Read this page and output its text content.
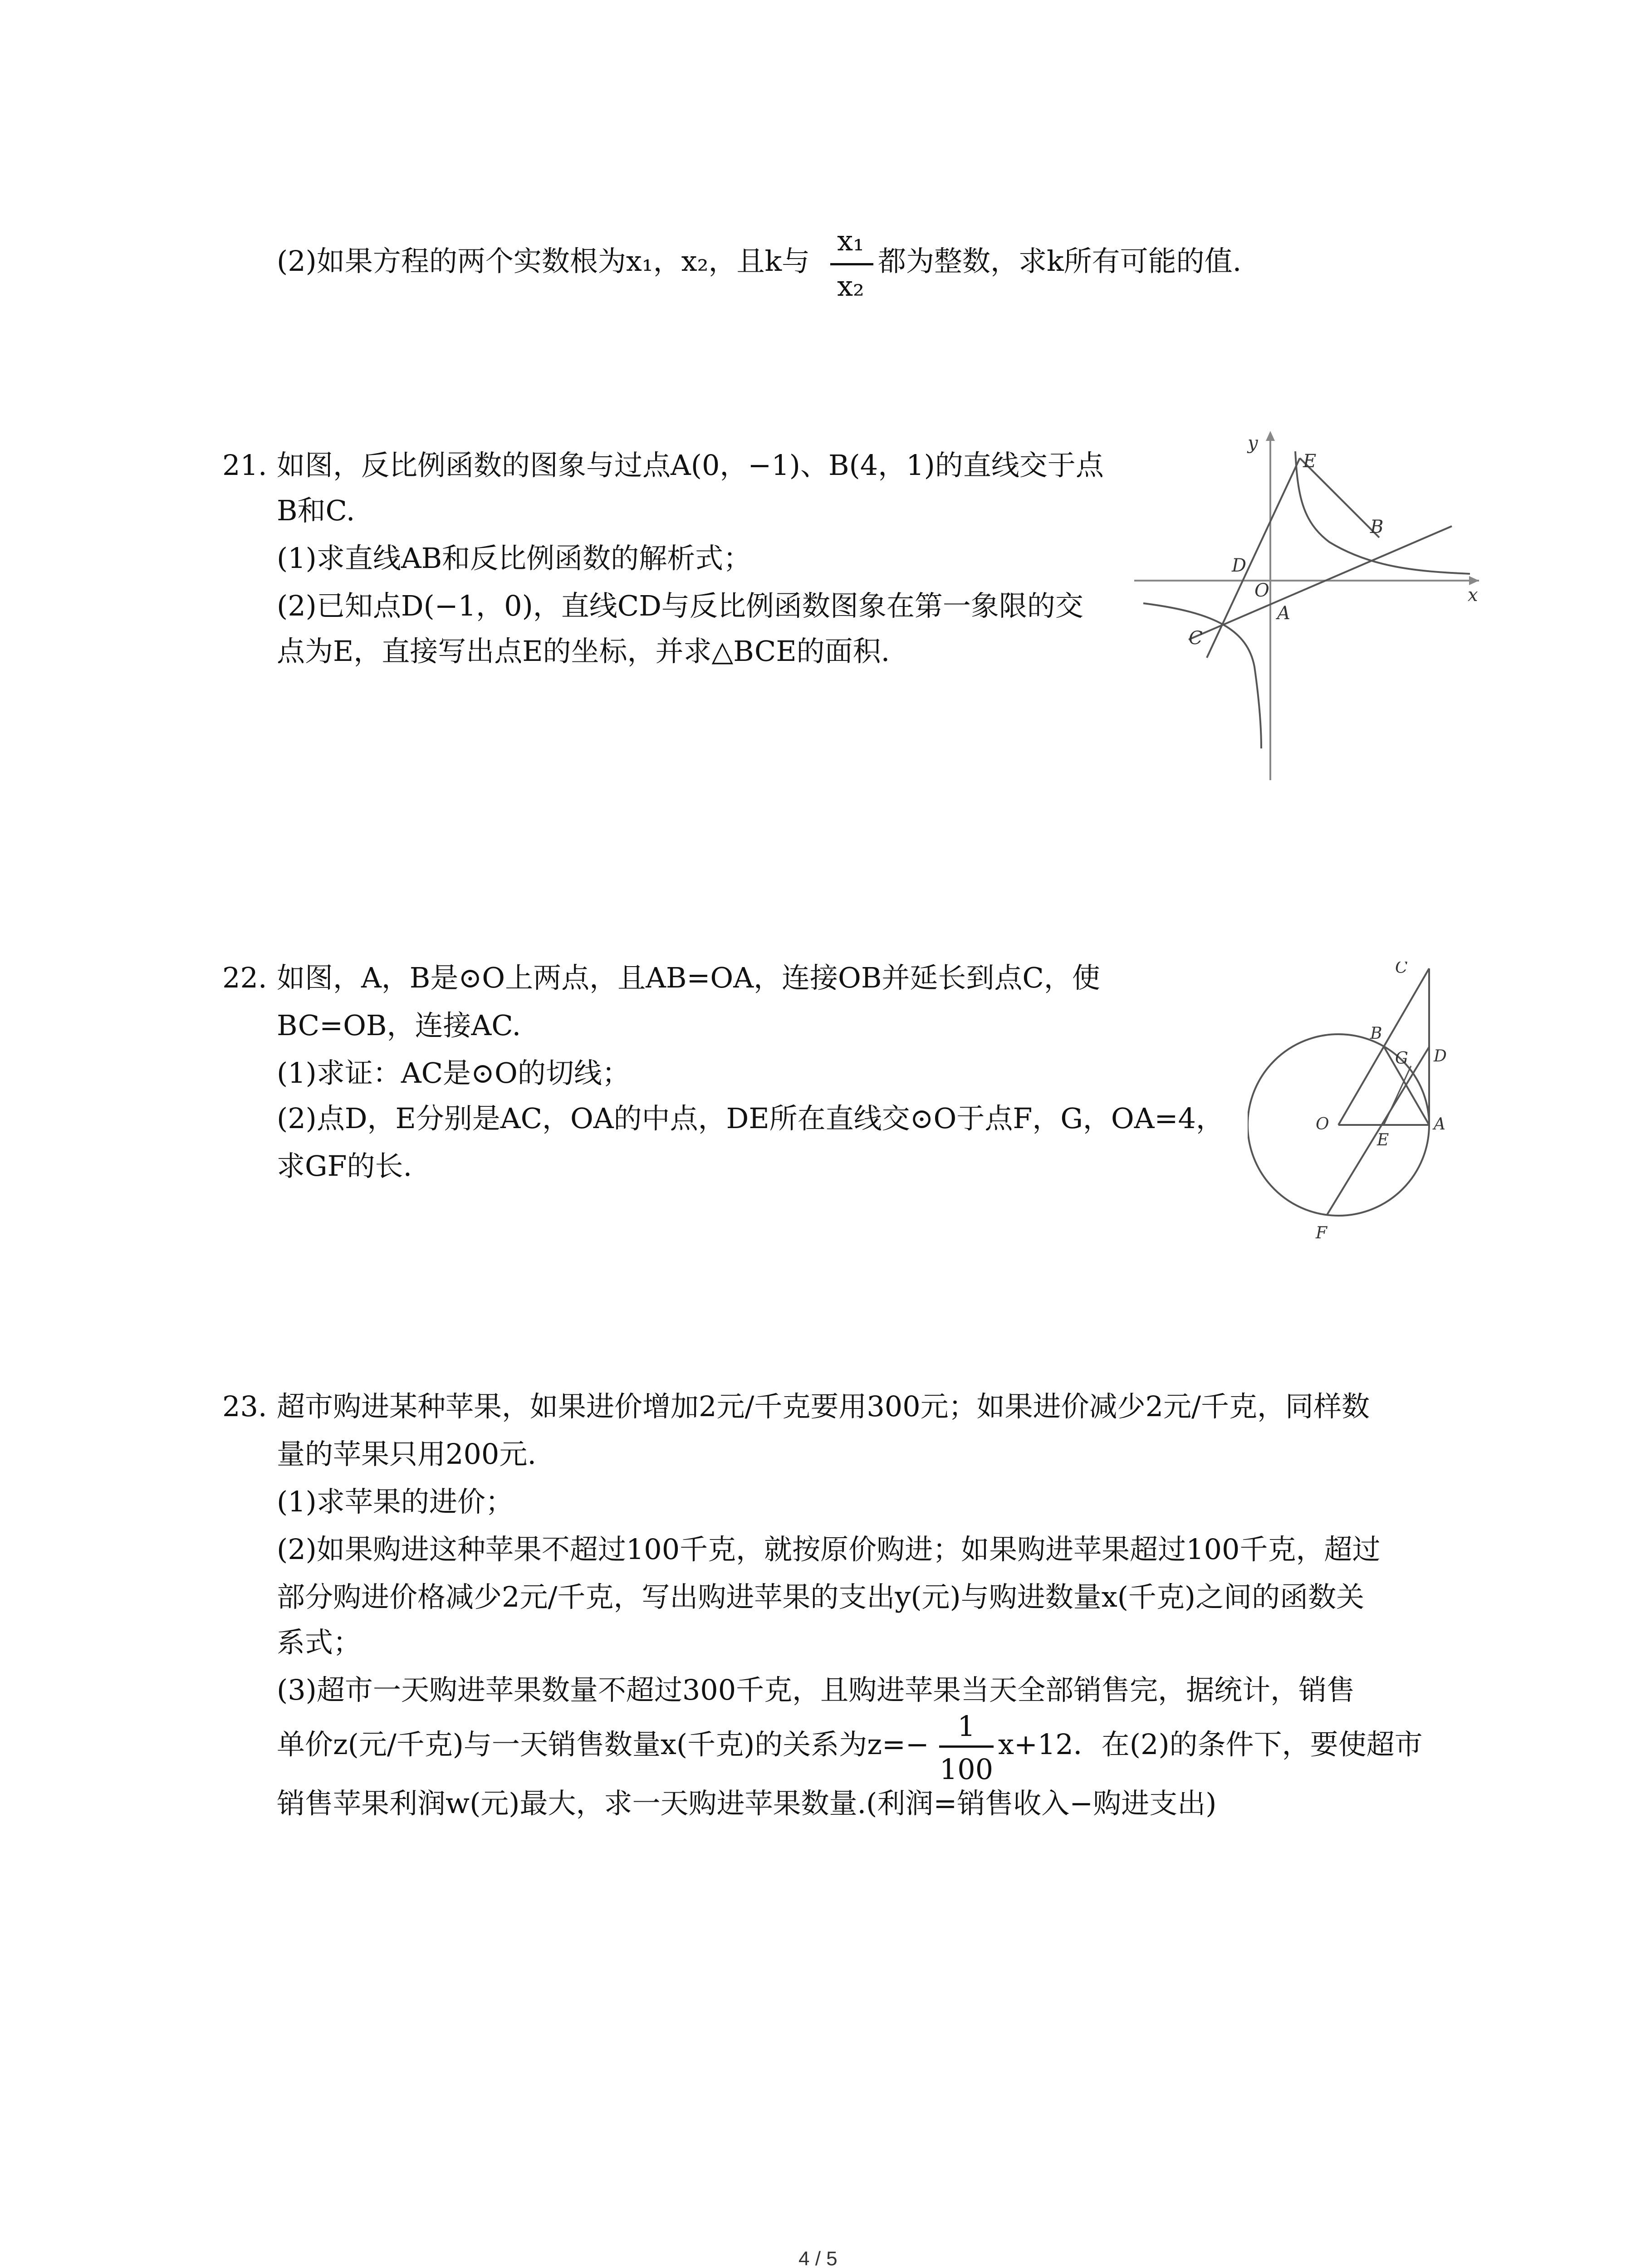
(2)如果方程的两个实数根为x₁，x₂，且k与
x₁
x₂
都为整数，求k所有可能的值.
21. 如图，反比例函数的图象与过点A(0，−1)、B(4，1)的直线交于点
B和C.
(1)求直线AB和反比例函数的解析式；
(2)已知点D(−1，0)，直线CD与反比例函数图象在第一象限的交
点为E，直接写出点E的坐标，并求△BCE的面积.
y
x
E
B
D
O
A
C
22. 如图，A，B是⊙O上两点，且AB=OA，连接OB并延长到点C，使
BC=OB，连接AC.
(1)求证：AC是⊙O的切线；
(2)点D，E分别是AC，OA的中点，DE所在直线交⊙O于点F，G，OA=4，
求GF的长.
C
B
G D
O
E
A
F
23. 超市购进某种苹果，如果进价增加2元/千克要用300元；如果进价减少2元/千克，同样数
量的苹果只用200元.
(1)求苹果的进价；
(2)如果购进这种苹果不超过100千克，就按原价购进；如果购进苹果超过100千克，超过
部分购进价格减少2元/千克，写出购进苹果的支出y(元)与购进数量x(千克)之间的函数关
系式；
(3)超市一天购进苹果数量不超过300千克，且购进苹果当天全部销售完，据统计，销售
单价z(元/千克)与一天销售数量x(千克)的关系为z=−
1
100
x+12．在(2)的条件下，要使超市
销售苹果利润w(元)最大，求一天购进苹果数量.(利润=销售收入−购进支出)
4 / 5
